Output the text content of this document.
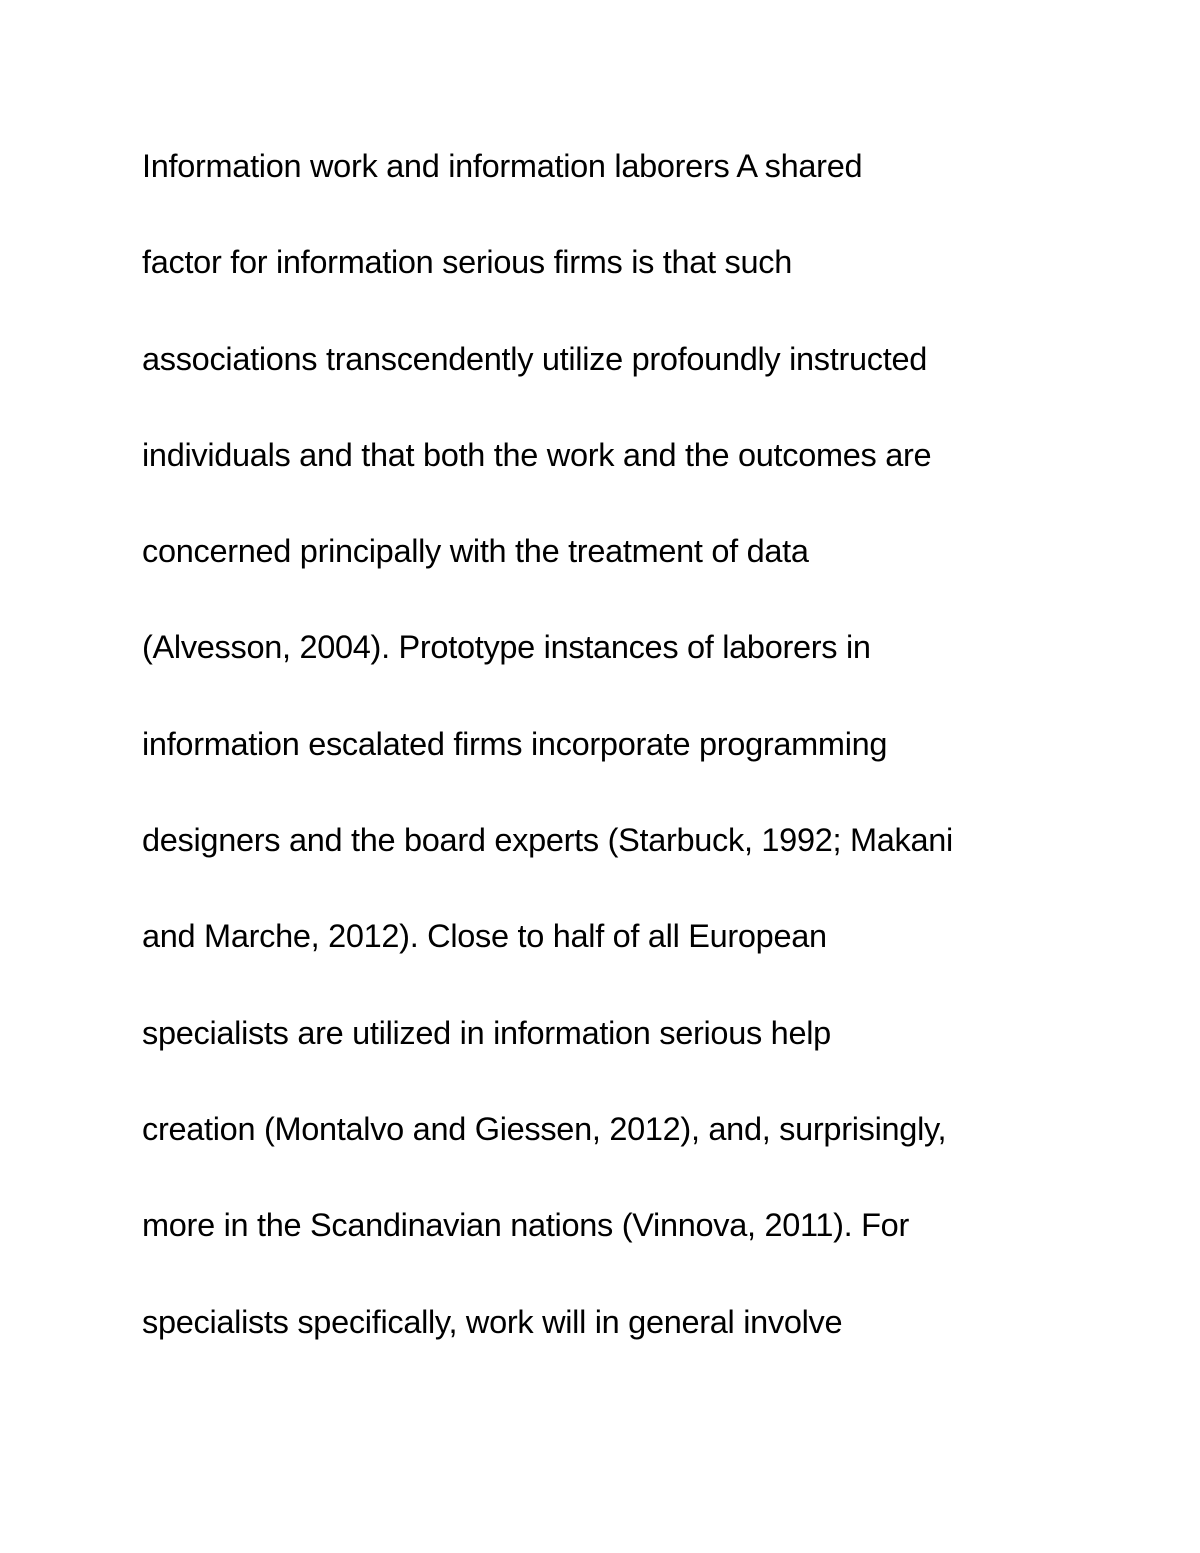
Information work and information laborers A shared
factor for information serious firms is that such
associations transcendently utilize profoundly instructed
individuals and that both the work and the outcomes are
concerned principally with the treatment of data
(Alvesson, 2004). Prototype instances of laborers in
information escalated firms incorporate programming
designers and the board experts (Starbuck, 1992; Makani
and Marche, 2012). Close to half of all European
specialists are utilized in information serious help
creation (Montalvo and Giessen, 2012), and, surprisingly,
more in the Scandinavian nations (Vinnova, 2011). For
specialists specifically, work will in general involve
